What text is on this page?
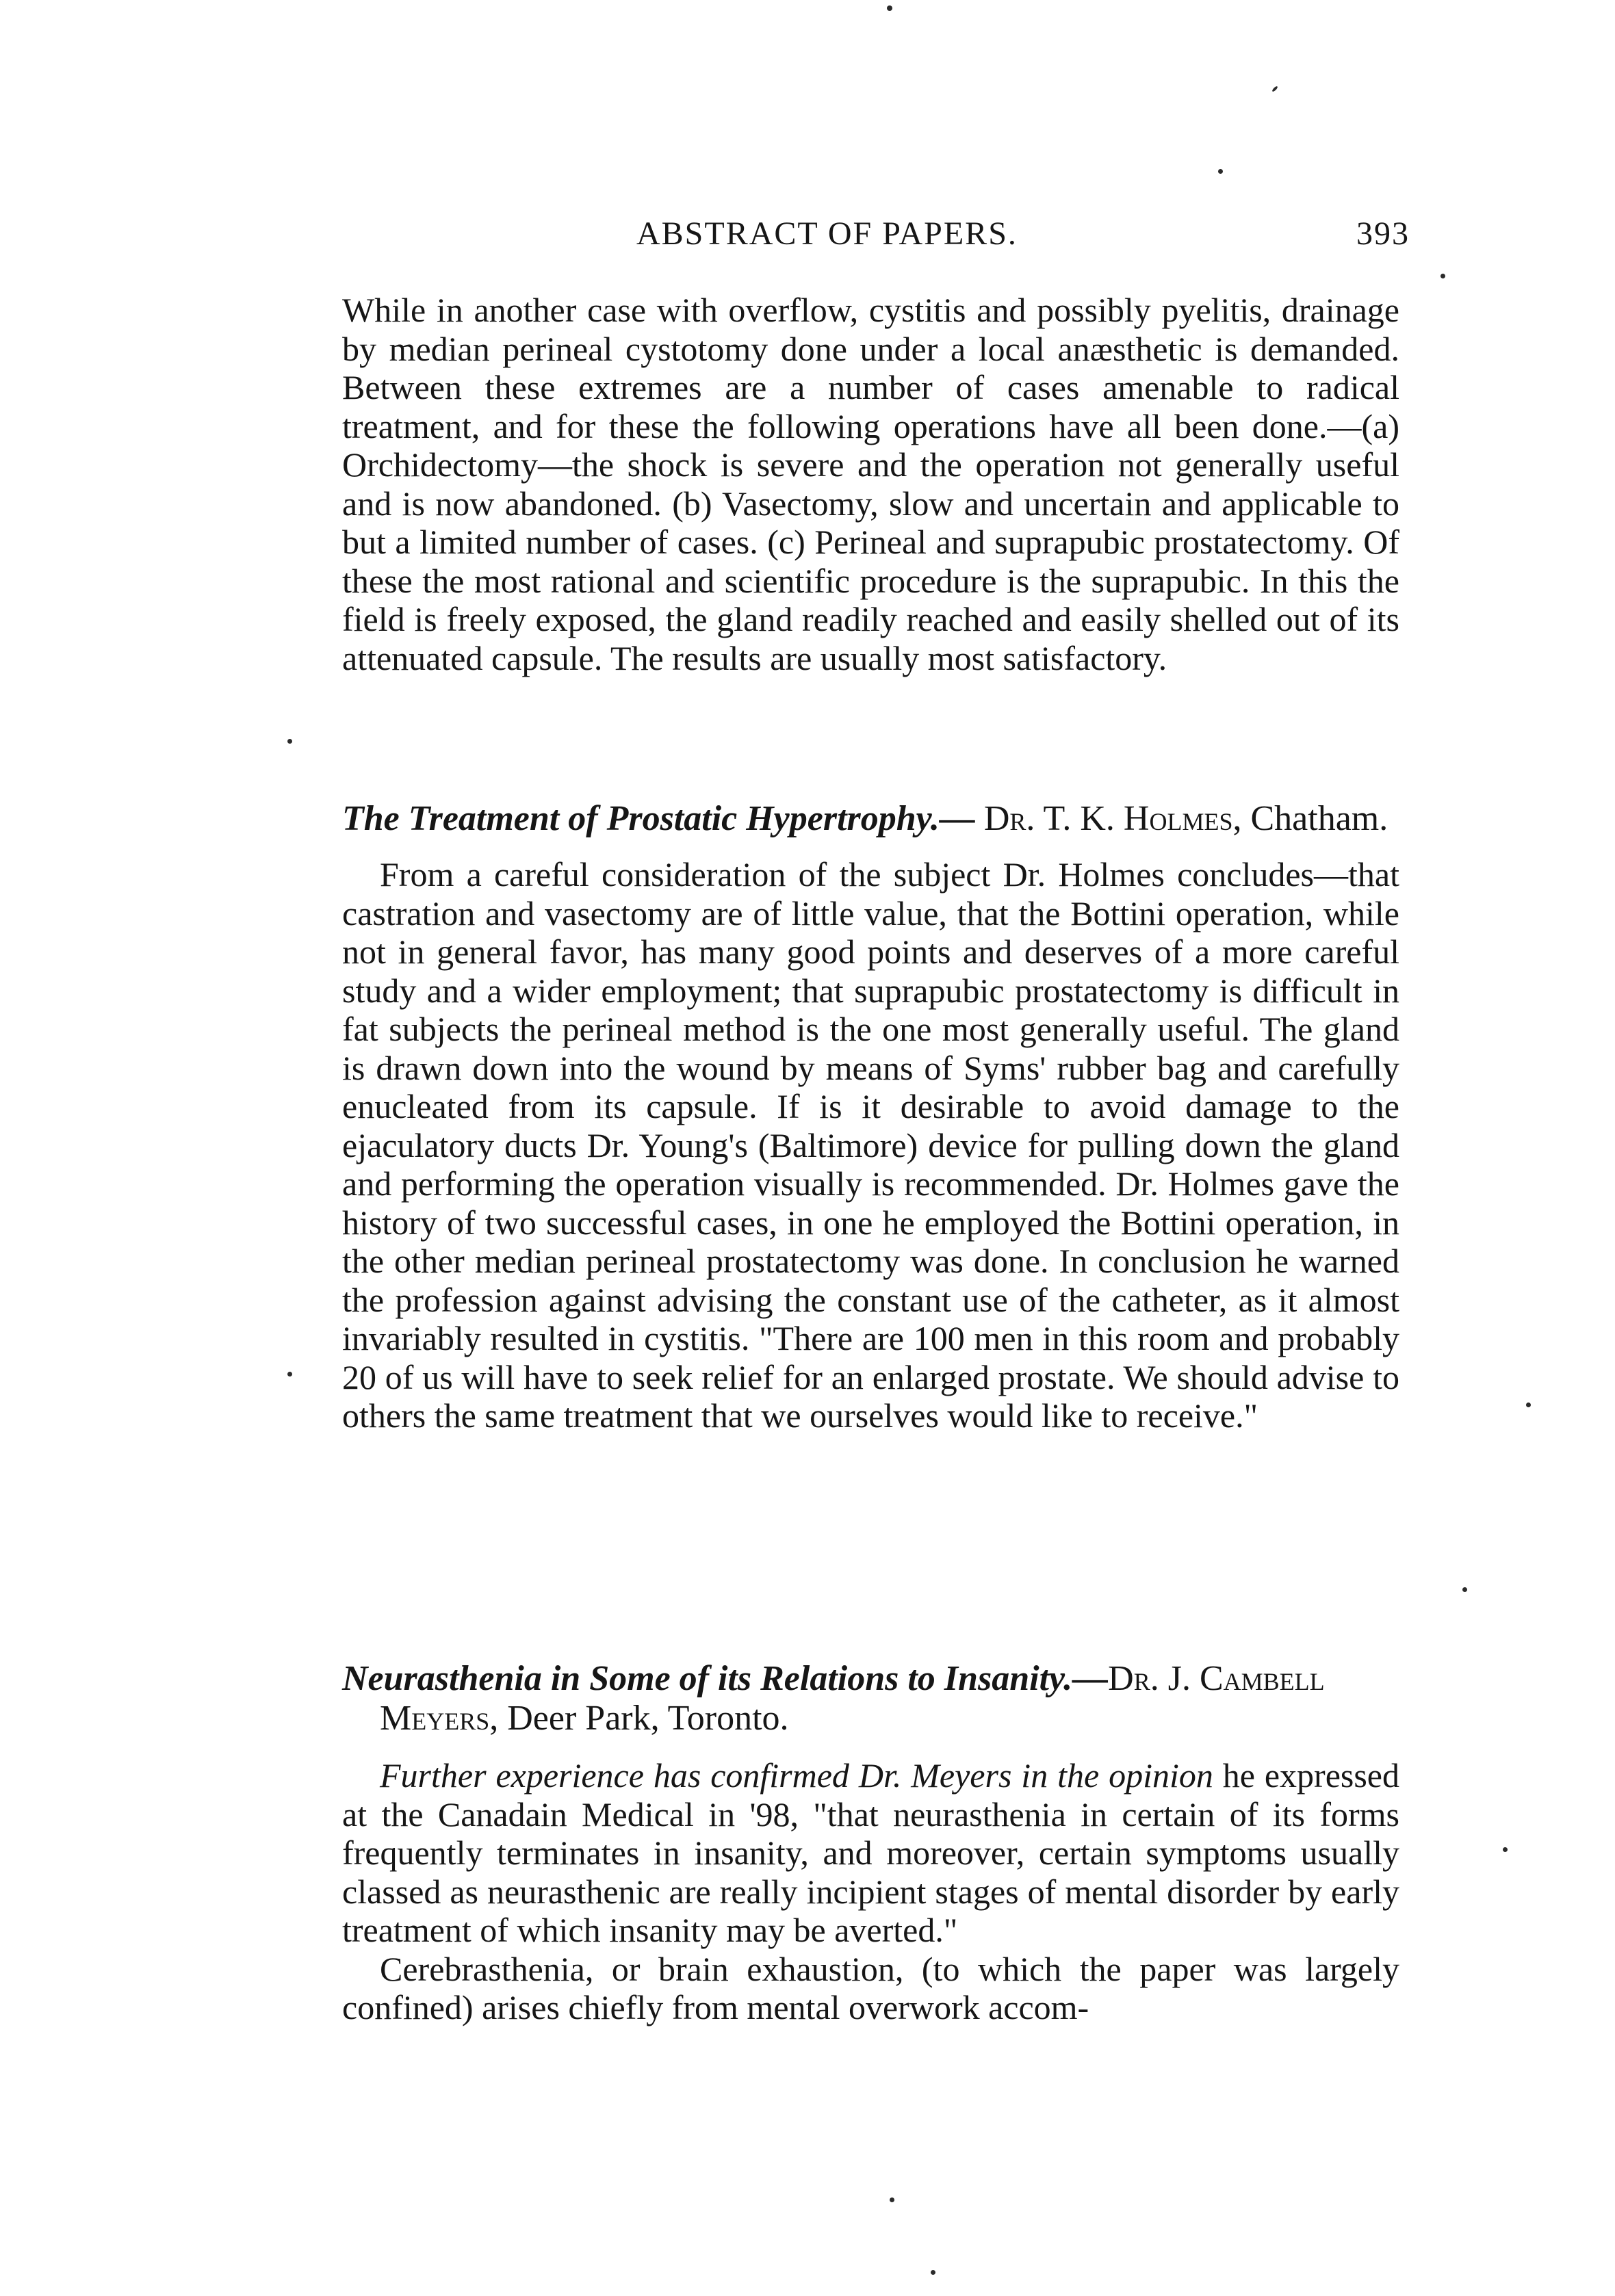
ABSTRACT OF PAPERS.	393

While in another case with overflow, cystitis and possibly pyelitis, drainage by median perineal cystotomy done under a local anæsthetic is demanded. Between these extremes are a number of cases amenable to radical treatment, and for these the following operations have all been done.—(a) Orchidectomy—the shock is severe and the operation not generally useful and is now abandoned. (b) Vasectomy, slow and uncertain and applicable to but a limited number of cases. (c) Perineal and suprapubic prostatectomy. Of these the most rational and scientific procedure is the suprapubic. In this the field is freely exposed, the gland readily reached and easily shelled out of its attenuated capsule. The results are usually most satisfactory.

The Treatment of Prostatic Hypertrophy.— Dr. T. K. Holmes, Chatham.

From a careful consideration of the subject Dr. Holmes concludes—that castration and vasectomy are of little value, that the Bottini operation, while not in general favor, has many good points and deserves of a more careful study and a wider employment; that suprapubic prostatectomy is difficult in fat subjects the perineal method is the one most generally useful. The gland is drawn down into the wound by means of Syms' rubber bag and carefully enucleated from its capsule. If is it desirable to avoid damage to the ejaculatory ducts Dr. Young's (Baltimore) device for pulling down the gland and performing the operation visually is recommended. Dr. Holmes gave the history of two successful cases, in one he employed the Bottini operation, in the other median perineal prostatectomy was done. In conclusion he warned the profession against advising the constant use of the catheter, as it almost invariably resulted in cystitis. "There are 100 men in this room and probably 20 of us will have to seek relief for an enlarged prostate. We should advise to others the same treatment that we ourselves would like to receive."

Neurasthenia in Some of its Relations to Insanity.—Dr. J. Cambell Meyers, Deer Park, Toronto.

Further experience has confirmed Dr. Meyers in the opinion he expressed at the Canadain Medical in '98, "that neurasthenia in certain of its forms frequently terminates in insanity, and moreover, certain symptoms usually classed as neurasthenic are really incipient stages of mental disorder by early treatment of which insanity may be averted."

Cerebrasthenia, or brain exhaustion, (to which the paper was largely confined) arises chiefly from mental overwork accom-
